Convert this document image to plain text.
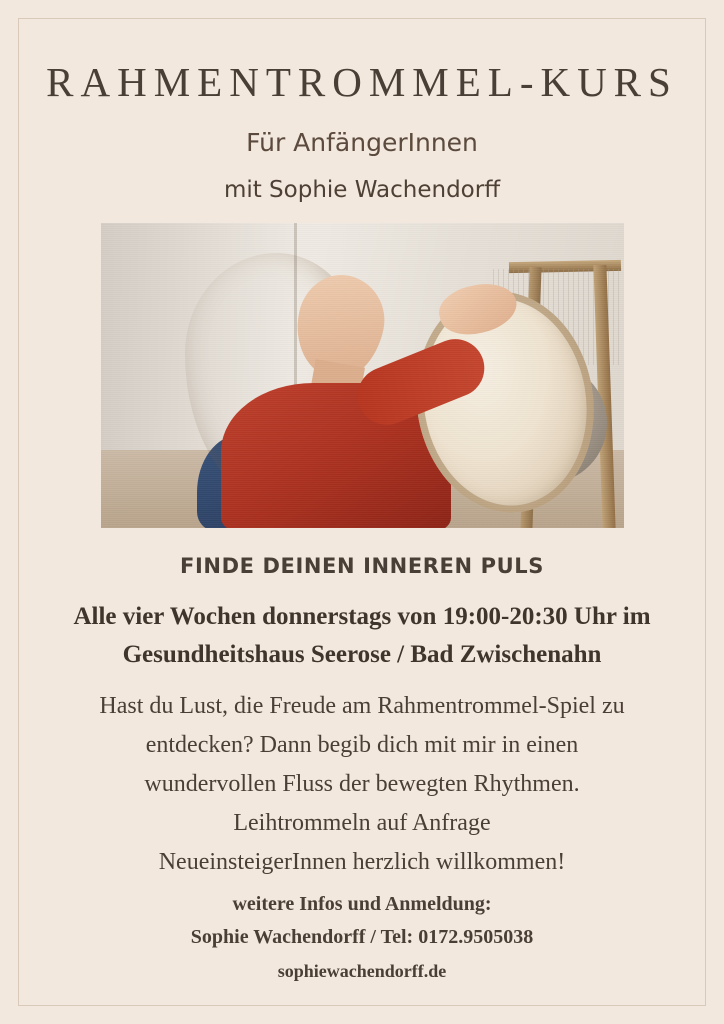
RAHMENTROMMEL-KURS
Für AnfängerInnen
mit Sophie Wachendorff
FINDE DEINEN INNEREN PULS
Alle vier Wochen donnerstags von 19:00-20:30 Uhr im
Gesundheitshaus Seerose / Bad Zwischenahn
Hast du Lust, die Freude am Rahmentrommel-Spiel zu
entdecken? Dann begib dich mit mir in einen
wundervollen Fluss der bewegten Rhythmen.
Leihtrommeln auf Anfrage
NeueinsteigerInnen herzlich willkommen!
weitere Infos und Anmeldung:
Sophie Wachendorff / Tel: 0172.9505038
sophiewachendorff.de
